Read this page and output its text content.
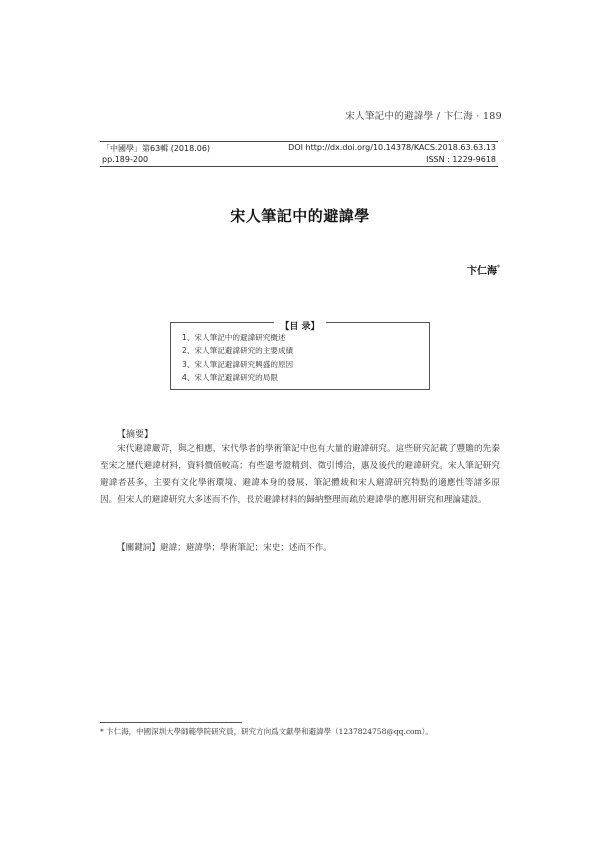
宋人筆記中的避諱學 / 卞仁海 · 189
「中國學」第63輯 (2018.06)
pp.189-200
DOI http://dx.doi.org/10.14378/KACS.2018.63.63.13
ISSN : 1229-9618
宋人筆記中的避諱學
卞仁海*
【目 录】
1、宋人筆記中的避諱研究概述
2、宋人筆記避諱研究的主要成績
3、宋人筆記避諱研究興盛的原因
4、宋人筆記避諱研究的局限
【摘要】

宋代避諱嚴苛，與之相應，宋代學者的學術筆記中也有大量的避諱研究。這些研究記載了豐贍的先秦至宋之歷代避諱材料，資料價值較高；有些還考證精到、徵引博洽，惠及後代的避諱研究。宋人筆記研究避諱者甚多，主要有文化學術環境、避諱本身的發展、筆記體裁和宋人避諱研究特點的適應性等諸多原因。但宋人的避諱研究大多述而不作，長於避諱材料的歸納整理而疏於避諱學的應用研究和理論建設。

【關鍵詞】避諱；避諱學；學術筆記；宋史；述而不作。
* 卞仁海，中國深圳大學師範學院研究員，研究方向爲文獻學和避諱學（1237824758@qq.com）。
